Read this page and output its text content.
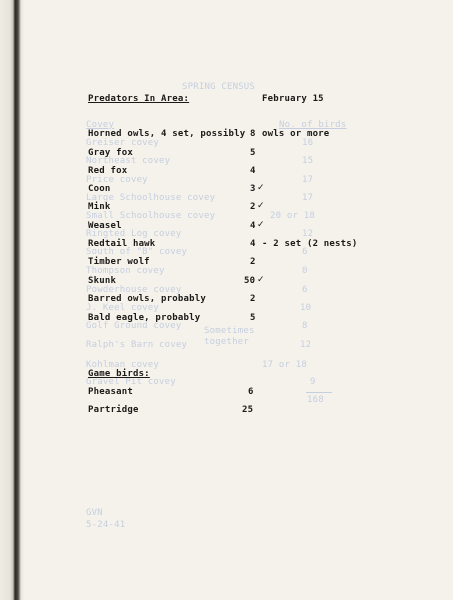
SPRING CENSUS
Covey	No. of birds
Greiser covey	16
Northeast covey	15
Price covey	17
Large Schoolhouse covey	17
Small Schoolhouse covey	20 or 18
Ringted Log covey	12
South of "B" covey	6
Thompson covey	0
Powderhouse covey	6
J. Keel covey	10
Golf Ground covey	8
Sometimes
together
Ralph's Barn covey	12
Kohlman covey	17 or 18
Gravel Pit covey	9
168
GVN
5-24-41
Predators In Area:	February 15
Horned owls, 4 set, possibly 8 owls or more
Gray fox	5
Red fox	4
Coon	3 ✓
Mink	2 ✓
Weasel	4 ✓
Redtail hawk	4 - 2 set (2 nests)
Timber wolf	2
Skunk	50 ✓
Barred owls, probably	2
Bald eagle, probably	5
Game birds:
Pheasant	6
Partridge	25
